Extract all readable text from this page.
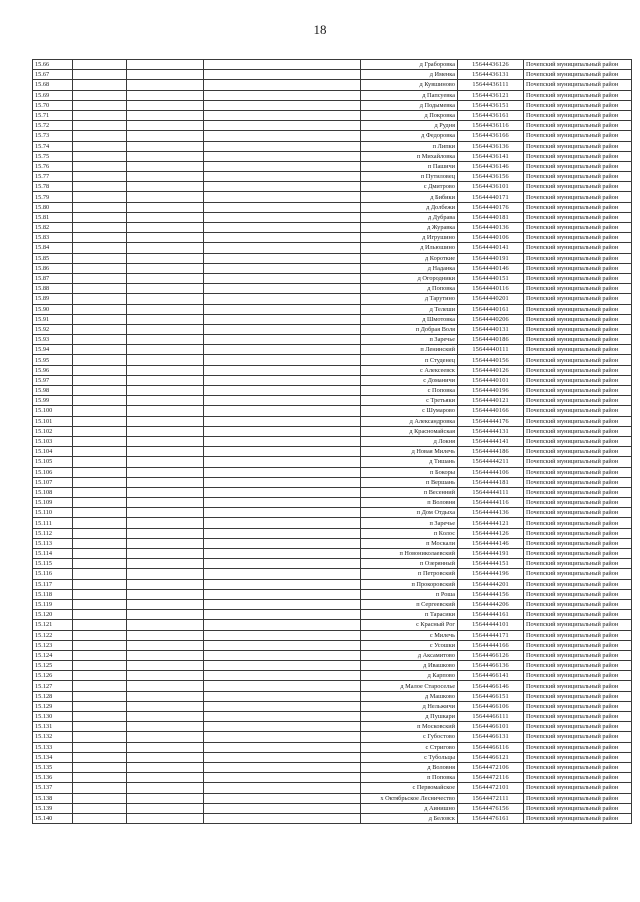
18
15.66				д Граборовка	15644436126	Почепский муниципальный район
15.67				д Именка	15644436131	Почепский муниципальный район
15.68				д Кувшиново	15644436111	Почепский муниципальный район
15.69				д Папсуевка	15644436121	Почепский муниципальный район
15.70				д Подымевка	15644436151	Почепский муниципальный район
15.71				д Покровка	15644436161	Почепский муниципальный район
15.72				д Рудня	15644436116	Почепский муниципальный район
15.73				д Федоровка	15644436166	Почепский муниципальный район
15.74				п Липки	15644436136	Почепский муниципальный район
15.75				п Михайловка	15644436141	Почепский муниципальный район
15.76				п Пашичи	15644436146	Почепский муниципальный район
15.77				п Путиловец	15644436156	Почепский муниципальный район
15.78				с Дмитрово	15644436101	Почепский муниципальный район
15.79				д Бибики	15644440171	Почепский муниципальный район
15.80				д Долбежи	15644440176	Почепский муниципальный район
15.81				д Дубрава	15644440181	Почепский муниципальный район
15.82				д Журавка	15644440136	Почепский муниципальный район
15.83				д Игрушино	15644440106	Почепский муниципальный район
15.84				д Ильюшино	15644440141	Почепский муниципальный район
15.85				д Короткие	15644440191	Почепский муниципальный район
15.86				д Наданка	15644440146	Почепский муниципальный район
15.87				д Огородники	15644440151	Почепский муниципальный район
15.88				д Поповка	15644440116	Почепский муниципальный район
15.89				д Тарутино	15644440201	Почепский муниципальный район
15.90				д Телеши	15644440161	Почепский муниципальный район
15.91				д Шмотовка	15644440206	Почепский муниципальный район
15.92				п Добрая Воля	15644440131	Почепский муниципальный район
15.93				п Заречье	15644440186	Почепский муниципальный район
15.94				п Ленинский	15644440111	Почепский муниципальный район
15.95				п Студенец	15644440156	Почепский муниципальный район
15.96				с Алексеевск	15644440126	Почепский муниципальный район
15.97				с Доманичи	15644440101	Почепский муниципальный район
15.98				с Поповка	15644440196	Почепский муниципальный район
15.99				с Третьяки	15644440121	Почепский муниципальный район
15.100				с Шумарово	15644440166	Почепский муниципальный район
15.101				д Александровка	15644444176	Почепский муниципальный район
15.102				д Красномайская	15644444131	Почепский муниципальный район
15.103				д Локня	15644444141	Почепский муниципальный район
15.104				д Новая Милечь	15644444186	Почепский муниципальный район
15.105				д Тишань	15644444211	Почепский муниципальный район
15.106				п Бокоры	15644444106	Почепский муниципальный район
15.107				п Вершань	15644444181	Почепский муниципальный район
15.108				п Весенний	15644444111	Почепский муниципальный район
15.109				п Воловня	15644444116	Почепский муниципальный район
15.110				п Дом Отдыха	15644444136	Почепский муниципальный район
15.111				п Заречье	15644444121	Почепский муниципальный район
15.112				п Колос	15644444126	Почепский муниципальный район
15.113				п Москали	15644444146	Почепский муниципальный район
15.114				п Новониколаевский	15644444191	Почепский муниципальный район
15.115				п Озерянный	15644444151	Почепский муниципальный район
15.116				п Петровский	15644444196	Почепский муниципальный район
15.117				п Прокоровский	15644444201	Почепский муниципальный район
15.118				п Роша	15644444156	Почепский муниципальный район
15.119				п Сергеевский	15644444206	Почепский муниципальный район
15.120				п Тарасики	15644444161	Почепский муниципальный район
15.121				с Красный Рог	15644444101	Почепский муниципальный район
15.122				с Милечь	15644444171	Почепский муниципальный район
15.123				с Усошки	15644444166	Почепский муниципальный район
15.124				д Аксамитово	15644466126	Почепский муниципальный район
15.125				д Ивашково	15644466136	Почепский муниципальный район
15.126				д Карпово	15644466141	Почепский муниципальный район
15.127				д Малое Староселье	15644466146	Почепский муниципальный район
15.128				д Машково	15644466151	Почепский муниципальный район
15.129				д Нельжичи	15644466106	Почепский муниципальный район
15.130				д Пушкари	15644466111	Почепский муниципальный район
15.131				п Московский	15644466101	Почепский муниципальный район
15.132				с Губостово	15644466131	Почепский муниципальный район
15.133				с Стригово	15644466116	Почепский муниципальный район
15.134				с Тубольцы	15644466121	Почепский муниципальный район
15.135				д Воловня	15644472106	Почепский муниципальный район
15.136				п Поповка	15644472116	Почепский муниципальный район
15.137				с Первомайское	15644472101	Почепский муниципальный район
15.138				х Октябрьское Лесничество	15644472111	Почепский муниципальный район
15.139				д Аинишно	15644476156	Почепский муниципальный район
15.140				д Беловск	15644476161	Почепский муниципальный район
